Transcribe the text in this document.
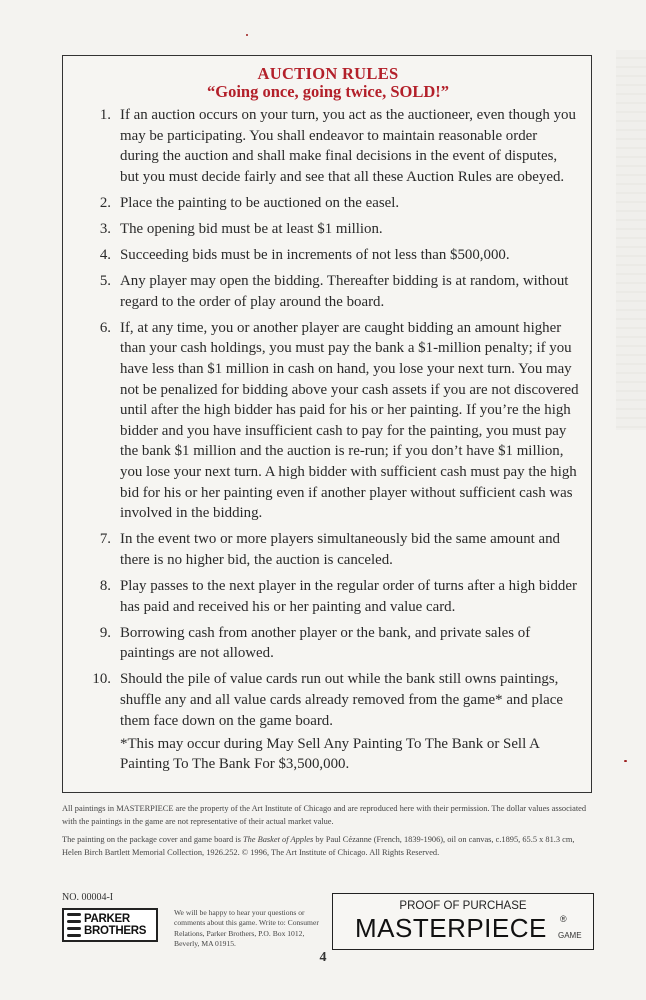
AUCTION RULES
“Going once, going twice, SOLD!”
1. If an auction occurs on your turn, you act as the auctioneer, even though you may be participating. You shall endeavor to maintain reasonable order during the auction and shall make final decisions in the event of disputes, but you must decide fairly and see that all these Auction Rules are obeyed.
2. Place the painting to be auctioned on the easel.
3. The opening bid must be at least $1 million.
4. Succeeding bids must be in increments of not less than $500,000.
5. Any player may open the bidding. Thereafter bidding is at random, without regard to the order of play around the board.
6. If, at any time, you or another player are caught bidding an amount higher than your cash holdings, you must pay the bank a $1-million penalty; if you have less than $1 million in cash on hand, you lose your next turn. You may not be penalized for bidding above your cash assets if you are not discovered until after the high bidder has paid for his or her painting. If you’re the high bidder and you have insufficient cash to pay for the painting, you must pay the bank $1 million and the auction is re-run; if you don’t have $1 million, you lose your next turn. A high bidder with sufficient cash must pay the high bid for his or her painting even if another player without sufficient cash was involved in the bidding.
7. In the event two or more players simultaneously bid the same amount and there is no higher bid, the auction is canceled.
8. Play passes to the next player in the regular order of turns after a high bidder has paid and received his or her painting and value card.
9. Borrowing cash from another player or the bank, and private sales of paintings are not allowed.
10. Should the pile of value cards run out while the bank still owns paintings, shuffle any and all value cards already removed from the game* and place them face down on the game board.

*This may occur during May Sell Any Painting To The Bank or Sell A Painting To The Bank For $3,500,000.

All paintings in MASTERPIECE are the property of the Art Institute of Chicago and are reproduced here with their permission. The dollar values associated with the paintings in the game are not representative of their actual market value.

The painting on the package cover and game board is The Basket of Apples by Paul Cézanne (French, 1839-1906), oil on canvas, c.1895, 65.5 x 81.3 cm, Helen Birch Bartlett Memorial Collection, 1926.252. © 1996, The Art Institute of Chicago. All Rights Reserved.

NO. 00004-I
PARKER
BROTHERS
We will be happy to hear your questions or comments about this game. Write to: Consumer Relations, Parker Brothers, P.O. Box 1012, Beverly, MA 01915.
PROOF OF PURCHASE
MASTERPIECE ®
GAME
4
